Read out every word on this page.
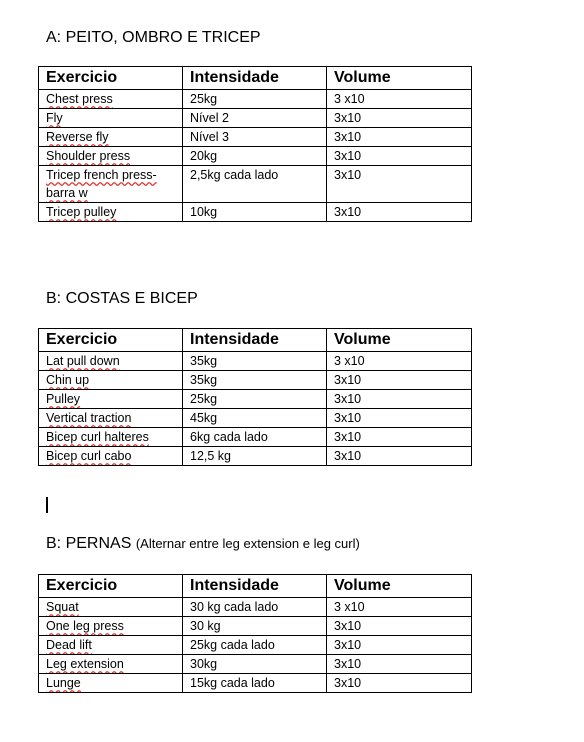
A: PEITO, OMBRO E TRICEP
Exercicio	Intensidade	Volume
Chest press	25kg	3 x10
Fly	Nível 2	3x10
Reverse fly	Nível 3	3x10
Shoulder press	20kg	3x10
Tricep french press- barra w	2,5kg cada lado	3x10
Tricep pulley	10kg	3x10
B: COSTAS E BICEP
Exercicio	Intensidade	Volume
Lat pull down	35kg	3 x10
Chin up	35kg	3x10
Pulley	25kg	3x10
Vertical traction	45kg	3x10
Bicep curl halteres	6kg cada lado	3x10
Bicep curl cabo	12,5 kg	3x10
B: PERNAS (Alternar entre leg extension e leg curl)
Exercicio	Intensidade	Volume
Squat	30 kg cada lado	3 x10
One leg press	30 kg	3x10
Dead lift	25kg cada lado	3x10
Leg extension	30kg	3x10
Lunge	15kg cada lado	3x10
